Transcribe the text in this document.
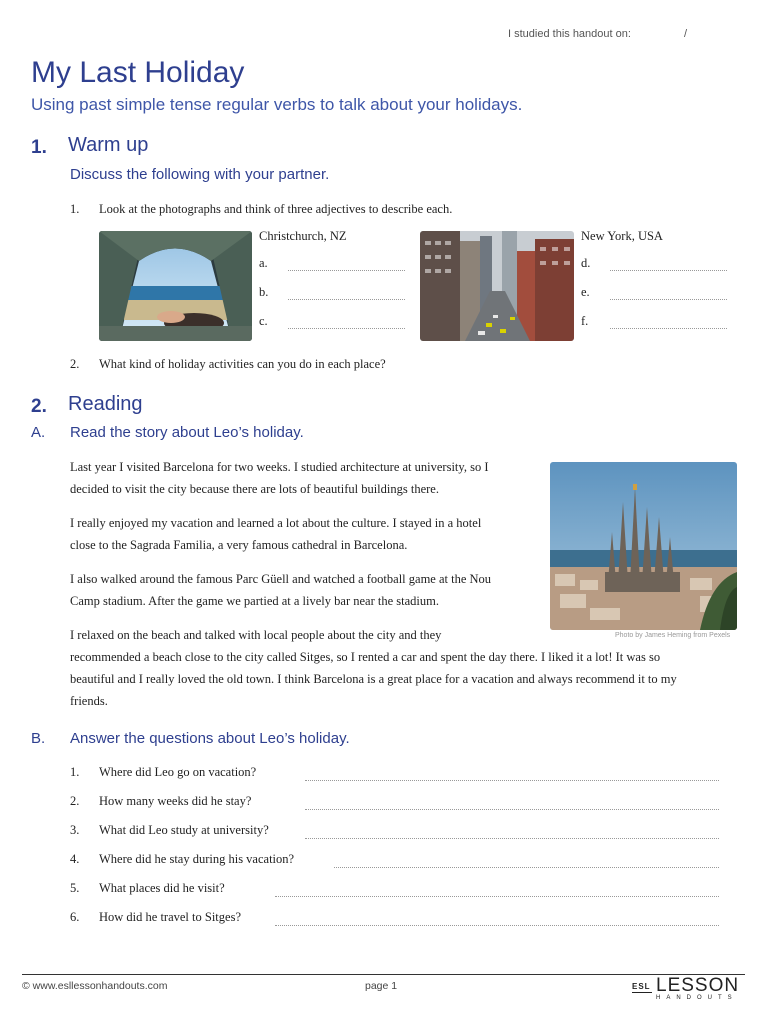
I studied this handout on:	/
My Last Holiday
Using past simple tense regular verbs to talk about your holidays.
1. Warm up
Discuss the following with your partner.
1. Look at the photographs and think of three adjectives to describe each.
Christchurch, NZ
a.
b.
c.
New York, USA
d.
e.
f.
2. What kind of holiday activities can you do in each place?
2. Reading
A. Read the story about Leo’s holiday.
Last year I visited Barcelona for two weeks. I studied architecture at university, so I
decided to visit the city because there are lots of beautiful buildings there.
I really enjoyed my vacation and learned a lot about the culture. I stayed in a hotel
close to the Sagrada Familia, a very famous cathedral in Barcelona.
I also walked around the famous Parc Güell and watched a football game at the Nou
Camp stadium. After the game we partied at a lively bar near the stadium.
I relaxed on the beach and talked with local people about the city and they
recommended a beach close to the city called Sitges, so I rented a car and spent the day there. I liked it a lot! It was so
beautiful and I really loved the old town. I think Barcelona is a great place for a vacation and always recommend it to my
friends.
Photo by James Heming from Pexels
B. Answer the questions about Leo’s holiday.
1. Where did Leo go on vacation?
2. How many weeks did he stay?
3. What did Leo study at university?
4. Where did he stay during his vacation?
5. What places did he visit?
6. How did he travel to Sitges?
© www.esllessonhandouts.com	page 1	ESL LESSON
HANDOUTS
